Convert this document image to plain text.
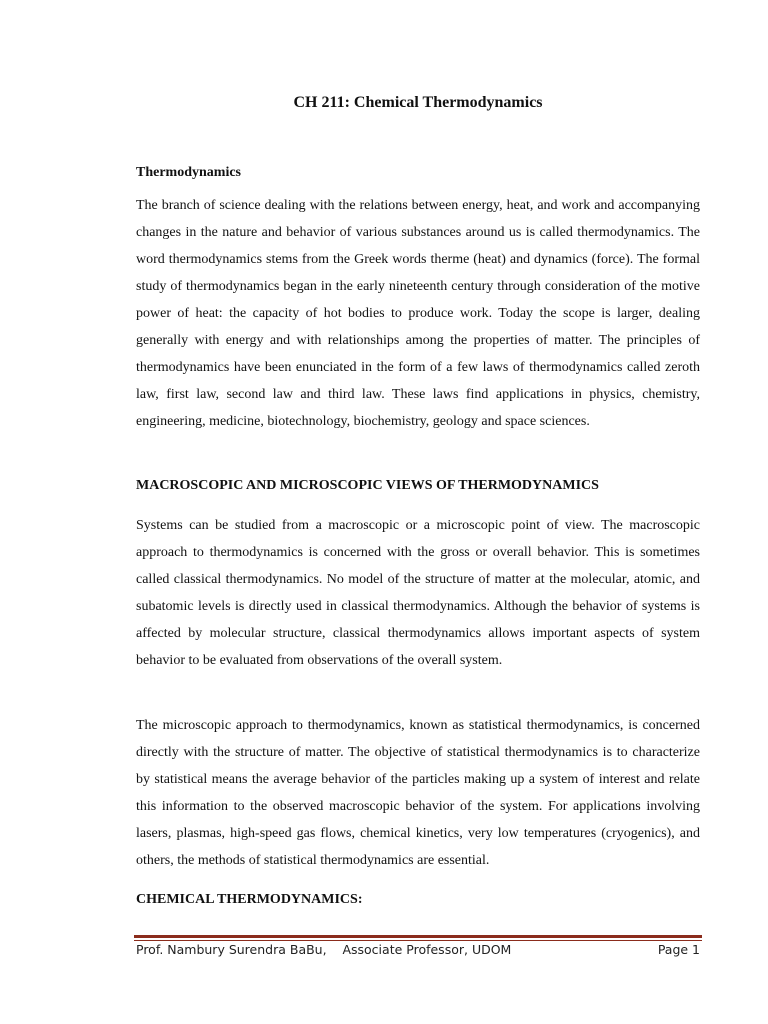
CH 211: Chemical Thermodynamics
Thermodynamics

The branch of science dealing with the relations between energy, heat, and work and accompanying changes in the nature and behavior of various substances around us is called thermodynamics. The word thermodynamics stems from the Greek words therme (heat) and dynamics (force). The formal study of thermodynamics began in the early nineteenth century through consideration of the motive power of heat: the capacity of hot bodies to produce work. Today the scope is larger, dealing generally with energy and with relationships among the properties of matter. The principles of thermodynamics have been enunciated in the form of a few laws of thermodynamics called zeroth law, first law, second law and third law. These laws find applications in physics, chemistry, engineering, medicine, biotechnology, biochemistry, geology and space sciences.

MACROSCOPIC AND MICROSCOPIC VIEWS OF THERMODYNAMICS

Systems can be studied from a macroscopic or a microscopic point of view. The macroscopic approach to thermodynamics is concerned with the gross or overall behavior. This is sometimes called classical thermodynamics. No model of the structure of matter at the molecular, atomic, and subatomic levels is directly used in classical thermodynamics. Although the behavior of systems is affected by molecular structure, classical thermodynamics allows important aspects of system behavior to be evaluated from observations of the overall system.

The microscopic approach to thermodynamics, known as statistical thermodynamics, is concerned directly with the structure of matter. The objective of statistical thermodynamics is to characterize by statistical means the average behavior of the particles making up a system of interest and relate this information to the observed macroscopic behavior of the system. For applications involving lasers, plasmas, high-speed gas flows, chemical kinetics, very low temperatures (cryogenics), and others, the methods of statistical thermodynamics are essential.

CHEMICAL THERMODYNAMICS:
Prof. Nambury Surendra BaBu,    Associate Professor, UDOM	Page 1
